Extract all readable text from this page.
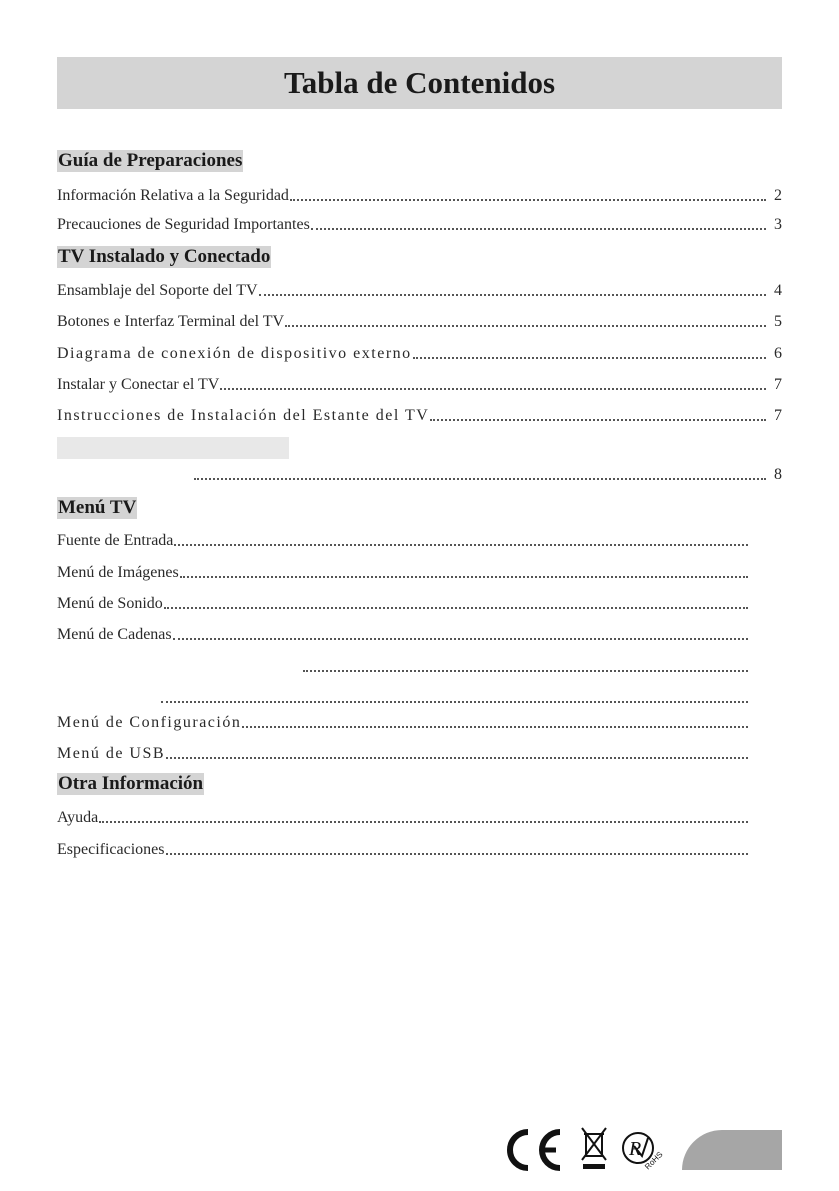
Tabla de Contenidos
Guía de Preparaciones
Información Relativa a la Seguridad	2
Precauciones de Seguridad Importantes	3
TV Instalado y Conectado
Ensamblaje del Soporte del TV	4
Botones e Interfaz Terminal del TV	5
Diagrama de conexión de dispositivo externo	6
Instalar y Conectar el TV	7
Instrucciones de Instalación del Estante del TV	7
8
Menú TV
Fuente de Entrada
Menú de Imágenes
Menú de Sonido
Menú de Cadenas
Menú de Configuración
Menú de USB
Otra Información
Ayuda
Especificaciones
R
RoHS
